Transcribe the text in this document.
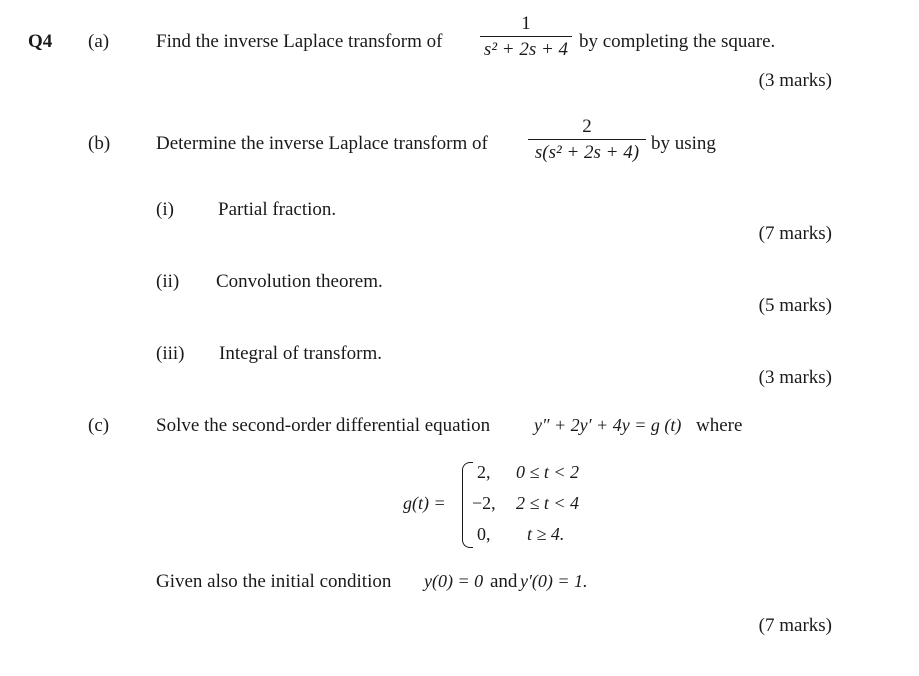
Q4 (a) Find the inverse Laplace transform of
1
s² + 2s + 4 by completing the square.
(3 marks)
(b) Determine the inverse Laplace transform of
2
s(s² + 2s + 4) by using
(i) Partial fraction.
(7 marks)
(ii) Convolution theorem.
(5 marks)
(iii) Integral of transform.
(3 marks)
(c) Solve the second-order differential equation y″ + 2y′ + 4y = g (t) where
g(t) =
2, 0 ≤ t < 2
−2, 2 ≤ t < 4
0, t ≥ 4.
Given also the initial condition y(0) = 0 and y′(0) = 1.
(7 marks)
